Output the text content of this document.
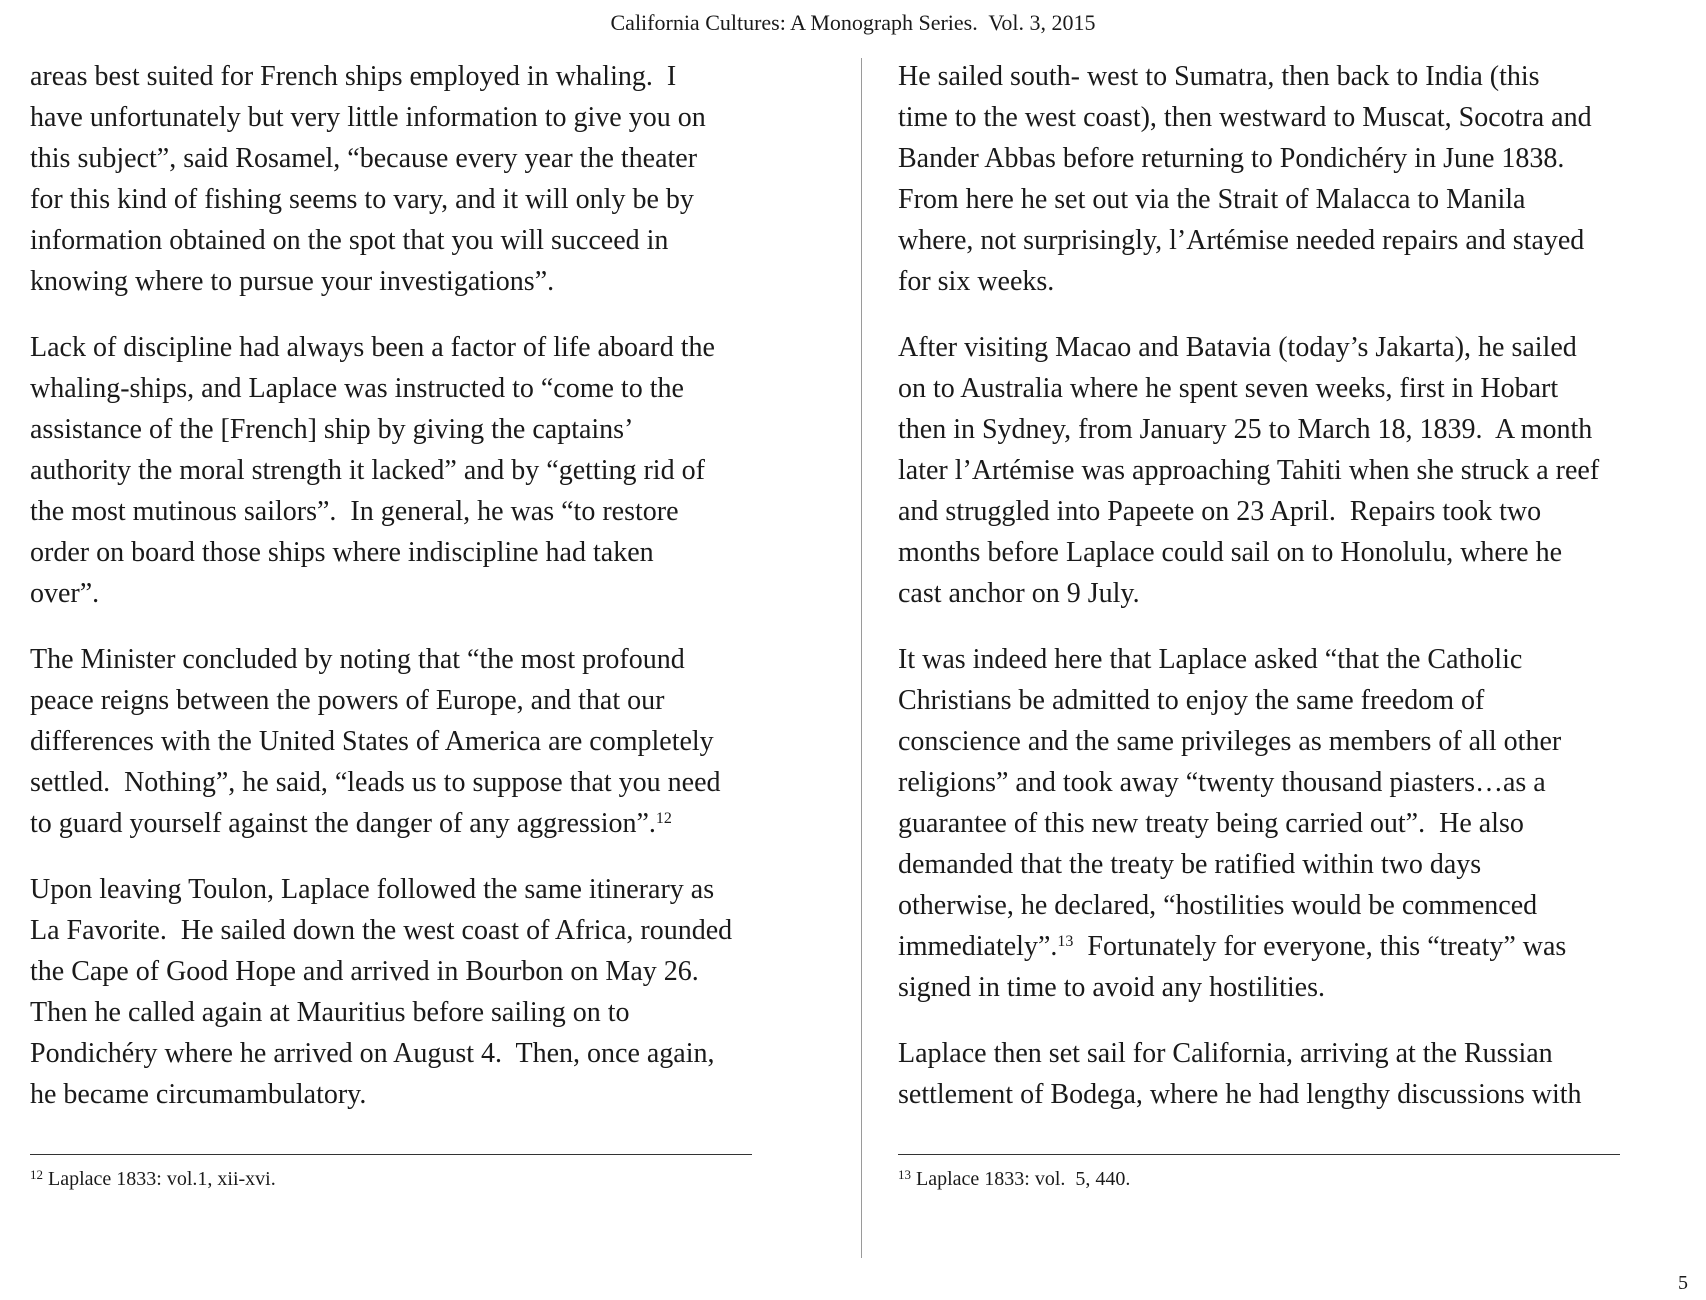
California Cultures: A Monograph Series.  Vol. 3, 2015

areas best suited for French ships employed in whaling.  I
have unfortunately but very little information to give you on
this subject”, said Rosamel, “because every year the theater
for this kind of fishing seems to vary, and it will only be by
information obtained on the spot that you will succeed in
knowing where to pursue your investigations”.

Lack of discipline had always been a factor of life aboard the
whaling-ships, and Laplace was instructed to “come to the
assistance of the [French] ship by giving the captains’
authority the moral strength it lacked” and by “getting rid of
the most mutinous sailors”.  In general, he was “to restore
order on board those ships where indiscipline had taken
over”.

The Minister concluded by noting that “the most profound
peace reigns between the powers of Europe, and that our
differences with the United States of America are completely
settled.  Nothing”, he said, “leads us to suppose that you need
to guard yourself against the danger of any aggression”.$^{12}$

Upon leaving Toulon, Laplace followed the same itinerary as
La Favorite.  He sailed down the west coast of Africa, rounded
the Cape of Good Hope and arrived in Bourbon on May 26.
Then he called again at Mauritius before sailing on to
Pondichéry where he arrived on August 4.  Then, once again,
he became circumambulatory.

He sailed south- west to Sumatra, then back to India (this
time to the west coast), then westward to Muscat, Socotra and
Bander Abbas before returning to Pondichéry in June 1838.
From here he set out via the Strait of Malacca to Manila
where, not surprisingly, l’Artémise needed repairs and stayed
for six weeks.

After visiting Macao and Batavia (today’s Jakarta), he sailed
on to Australia where he spent seven weeks, first in Hobart
then in Sydney, from January 25 to March 18, 1839.  A month
later l’Artémise was approaching Tahiti when she struck a reef
and struggled into Papeete on 23 April.  Repairs took two
months before Laplace could sail on to Honolulu, where he
cast anchor on 9 July.

It was indeed here that Laplace asked “that the Catholic
Christians be admitted to enjoy the same freedom of
conscience and the same privileges as members of all other
religions” and took away “twenty thousand piasters…as a
guarantee of this new treaty being carried out”.  He also
demanded that the treaty be ratified within two days
otherwise, he declared, “hostilities would be commenced
immediately”.$^{13}$  Fortunately for everyone, this “treaty” was
signed in time to avoid any hostilities.

Laplace then set sail for California, arriving at the Russian
settlement of Bodega, where he had lengthy discussions with

$^{12}$ Laplace 1833: vol.1, xii-xvi.	$^{13}$ Laplace 1833: vol.  5, 440.
5
